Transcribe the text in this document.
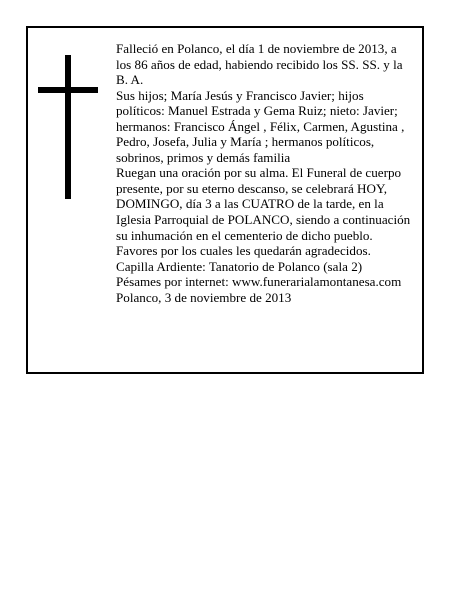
Falleció en Polanco, el día 1 de noviembre de 2013, a
los 86 años de edad, habiendo recibido los SS. SS. y la
B. A.
Sus hijos; María Jesús y Francisco Javier; hijos
políticos: Manuel Estrada y Gema Ruiz; nieto: Javier;
hermanos: Francisco Ángel , Félix, Carmen, Agustina ,
Pedro, Josefa, Julia y María ; hermanos políticos,
sobrinos, primos y demás familia
Ruegan una oración por su alma. El Funeral de cuerpo
presente, por su eterno descanso, se celebrará HOY,
DOMINGO, día 3 a las CUATRO de la tarde, en la
Iglesia Parroquial de POLANCO, siendo a continuación
su inhumación en el cementerio de dicho pueblo.
Favores por los cuales les quedarán agradecidos.
Capilla Ardiente: Tanatorio de Polanco (sala 2)
Pésames por internet: www.funerarialamontanesa.com
Polanco, 3 de noviembre de 2013
